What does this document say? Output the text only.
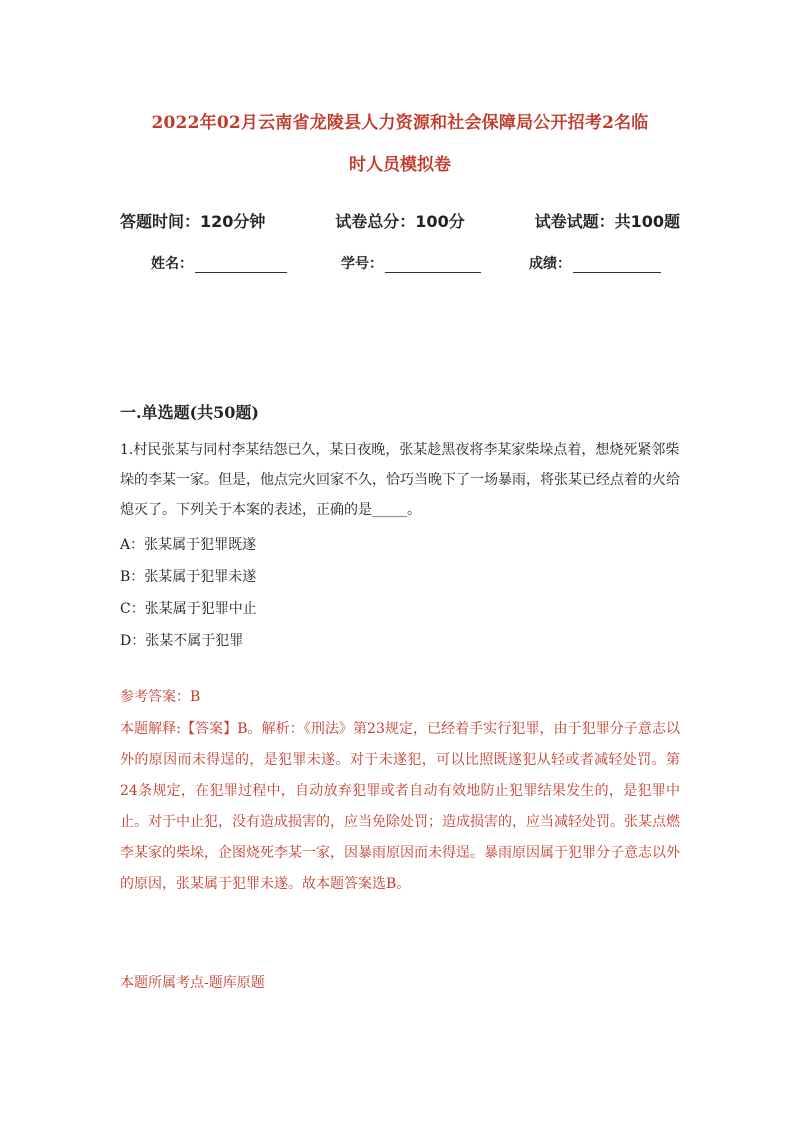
2022年02月云南省龙陵县人力资源和社会保障局公开招考2名临
时人员模拟卷
答题时间：120分钟	试卷总分：100分	试卷试题：共100题
姓名：	学号：	成绩：
一.单选题(共50题)
1.村民张某与同村李某结怨已久，某日夜晚，张某趁黑夜将李某家柴垛点着，想烧死紧邻柴垛的李某一家。但是，他点完火回家不久，恰巧当晚下了一场暴雨，将张某已经点着的火给熄灭了。下列关于本案的表述，正确的是_____。
A：张某属于犯罪既遂
B：张某属于犯罪未遂
C：张某属于犯罪中止
D：张某不属于犯罪
参考答案：B
本题解释:【答案】B。解析：《刑法》第23规定，已经着手实行犯罪，由于犯罪分子意志以外的原因而未得逞的，是犯罪未遂。对于未遂犯，可以比照既遂犯从轻或者减轻处罚。第24条规定，在犯罪过程中，自动放弃犯罪或者自动有效地防止犯罪结果发生的，是犯罪中止。对于中止犯，没有造成损害的，应当免除处罚；造成损害的，应当减轻处罚。张某点燃李某家的柴垛，企图烧死李某一家，因暴雨原因而未得逞。暴雨原因属于犯罪分子意志以外的原因，张某属于犯罪未遂。故本题答案选B。
本题所属考点-题库原题
